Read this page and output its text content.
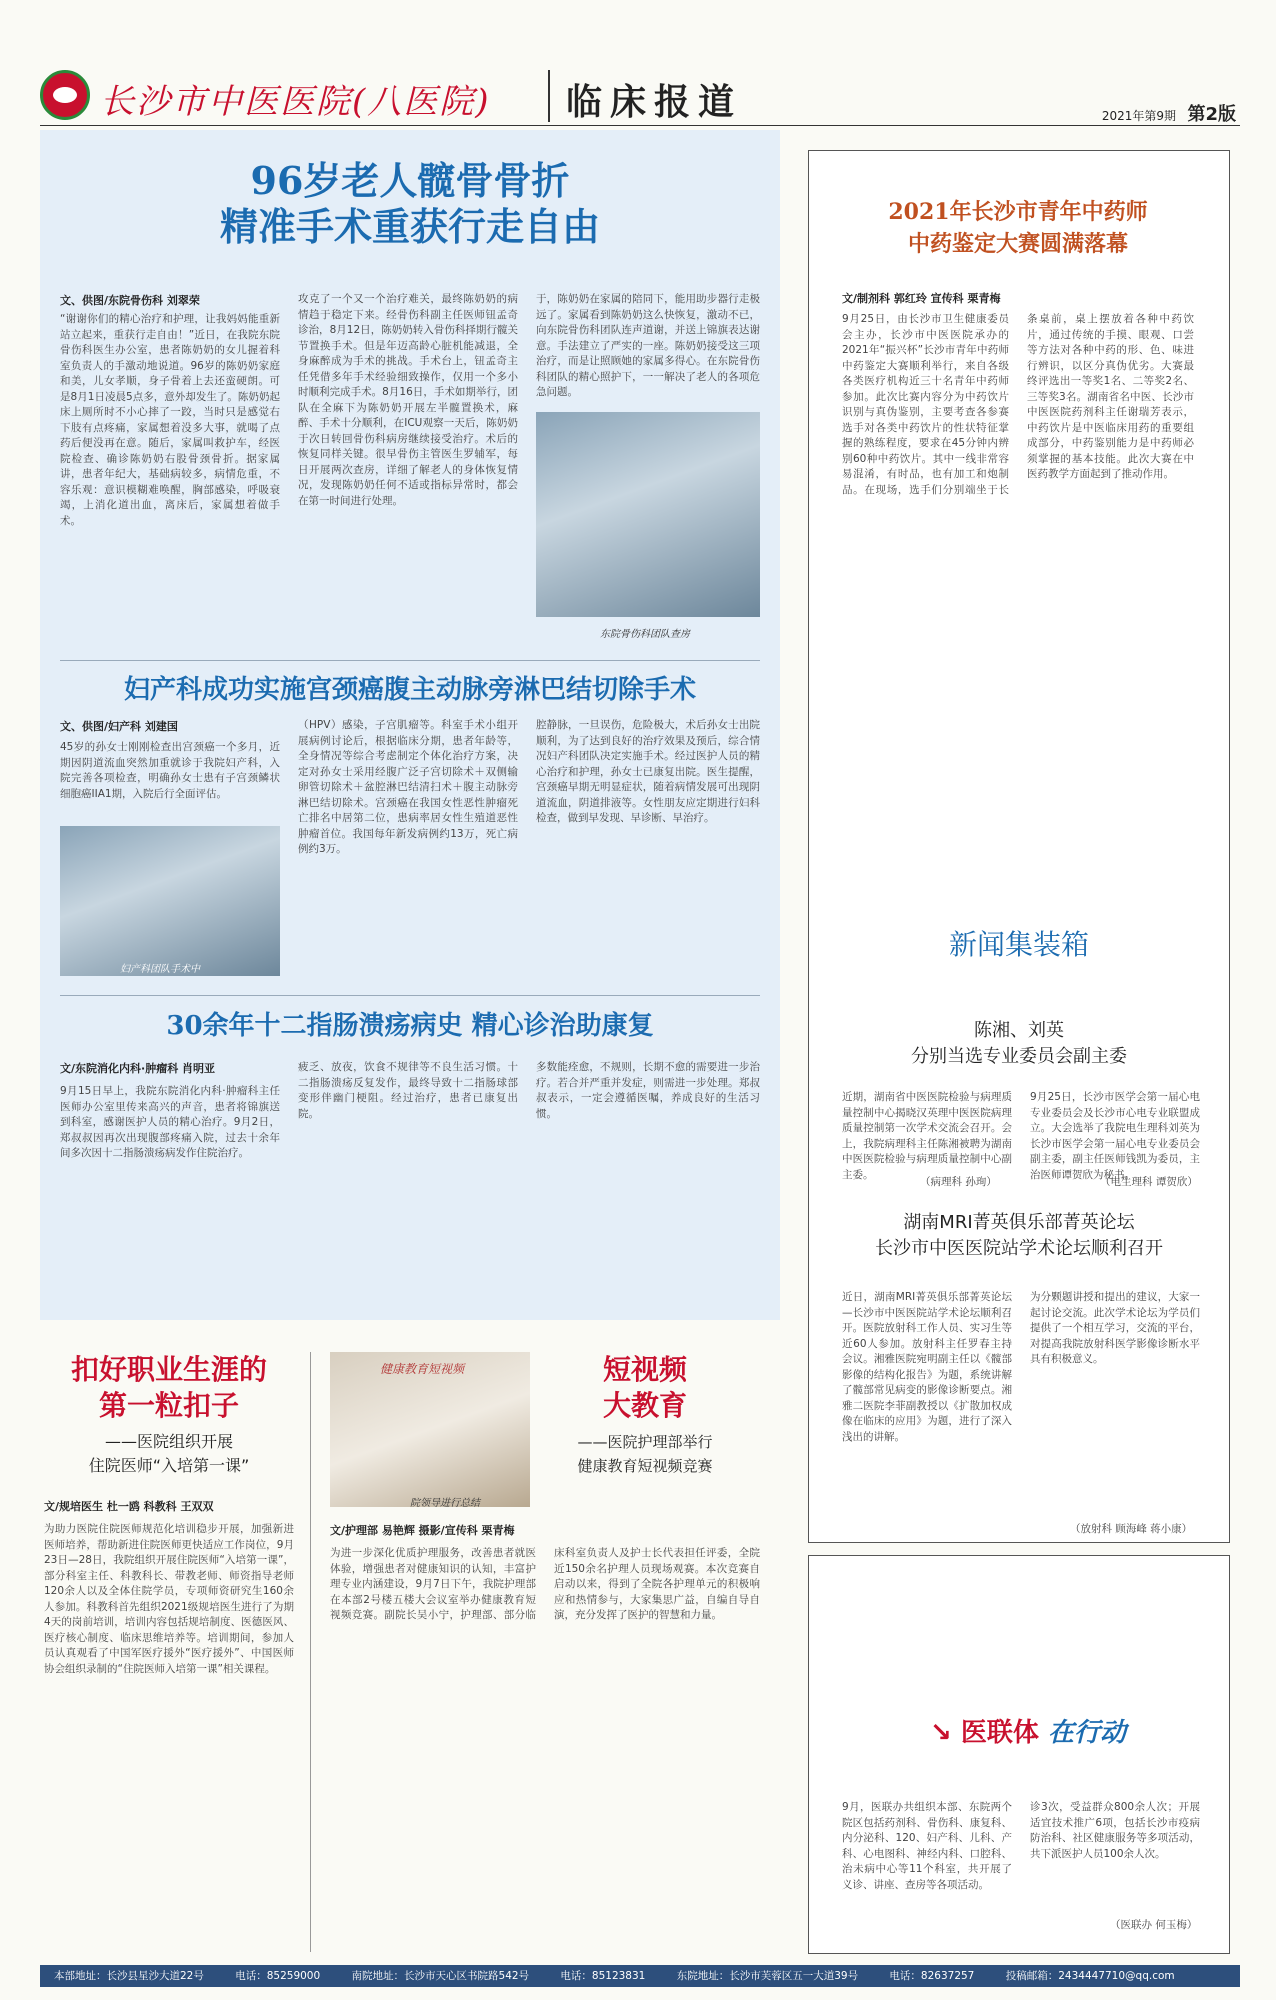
长沙市中医医院(八医院) 临床报道	2021年第9期 第2版
96岁老人髋骨骨折
精准手术重获行走自由
文、供图/东院骨伤科 刘翠荣
“谢谢你们的精心治疗和护理，让我妈妈能重新站立起来，重获行走自由！”近日，在我院东院骨伤科医生办公室，患者陈奶奶的女儿握着科室负责人的手激动地说道。96岁的陈奶奶家庭和美，儿女孝顺，身子骨着上去还蛮硬朗。可是8月1日凌晨5点多，意外却发生了。陈奶奶起床上厕所时不小心摔了一跤，当时只是感觉右下肢有点疼痛，家属想着没多大事，就喝了点药后便没再在意。随后，家属叫救护车，经医院检查、确诊陈奶奶右股骨颈骨折。据家属讲，患者年纪大，基础病较多，病情危重，不容乐观：意识模糊难唤醒，胸部感染，呼吸衰竭，上消化道出血，离床后，家属想着做手术。
攻克了一个又一个治疗难关，最终陈奶奶的病情趋于稳定下来。经骨伤科副主任医师钮孟奇诊治，8月12日，陈奶奶转入骨伤科择期行髋关节置换手术。但是年迈高龄心脏机能减退，全身麻醉成为手术的挑战。手术台上，钮孟奇主任凭借多年手术经验细致操作，仅用一个多小时顺利完成手术。8月16日，手术如期举行，团队在全麻下为陈奶奶开展左半髋置换术，麻醉、手术十分顺利，在ICU观察一天后，陈奶奶于次日转回骨伤科病房继续接受治疗。术后的恢复同样关键。很早骨伤主管医生罗辅军，每日开展两次查房，详细了解老人的身体恢复情况，发现陈奶奶任何不适或指标异常时，都会在第一时间进行处理。
于，陈奶奶在家属的陪同下，能用助步器行走极远了。家属看到陈奶奶这么快恢复，激动不已，向东院骨伤科团队连声道谢，并送上锦旗表达谢意。手法建立了严实的一座。陈奶奶接受这三项治疗，而是让照顾她的家属多得心。在东院骨伤科团队的精心照护下，一一解决了老人的各项危急问题。
东院骨伤科团队查房
妇产科成功实施宫颈癌腹主动脉旁淋巴结切除手术
文、供图/妇产科 刘建国
45岁的孙女士刚刚检查出宫颈癌一个多月，近期因阴道流血突然加重就诊于我院妇产科，入院完善各项检查，明确孙女士患有子宫颈鳞状细胞癌IIA1期，入院后行全面评估。
妇产科团队手术中
（HPV）感染，子宫肌瘤等。科室手术小组开展病例讨论后，根据临床分期，患者年龄等，全身情况等综合考虑制定个体化治疗方案，决定对孙女士采用经腹广泛子宫切除术＋双侧输卵管切除术＋盆腔淋巴结清扫术＋腹主动脉旁淋巴结切除术。宫颈癌在我国女性恶性肿瘤死亡排名中居第二位，患病率居女性生殖道恶性肿瘤首位。我国每年新发病例约13万，死亡病例约3万。
腔静脉，一旦误伤，危险极大，术后孙女士出院顺利，为了达到良好的治疗效果及预后，综合情况妇产科团队决定实施手术。经过医护人员的精心治疗和护理，孙女士已康复出院。医生提醒，宫颈癌早期无明显症状，随着病情发展可出现阴道流血，阴道排液等。女性朋友应定期进行妇科检查，做到早发现、早诊断、早治疗。
30余年十二指肠溃疡病史 精心诊治助康复
文/东院消化内科·肿瘤科 肖明亚
9月15日早上，我院东院消化内科·肿瘤科主任医师办公室里传来高兴的声音，患者将锦旗送到科室，感谢医护人员的精心治疗。9月2日，郑叔叔因再次出现腹部疼痛入院，过去十余年间多次因十二指肠溃疡病发作住院治疗。
疲乏、放夜，饮食不规律等不良生活习惯。十二指肠溃疡反复发作，最终导致十二指肠球部变形伴幽门梗阻。经过治疗，患者已康复出院。
多数能痊愈，不规则，长期不愈的需要进一步治疗。若合并严重并发症，则需进一步处理。郑叔叔表示，一定会遵循医嘱，养成良好的生活习惯。
扣好职业生涯的
第一粒扣子
——医院组织开展
住院医师“入培第一课”
文/规培医生 杜一鸥 科教科 王双双
为助力医院住院医师规范化培训稳步开展，加强新进医师培养，帮助新进住院医师更快适应工作岗位，9月23日—28日，我院组织开展住院医师“入培第一课”，部分科室主任、科教科长、带教老师、师资指导老师120余人以及全体住院学员，专项师资研究生160余人参加。科教科首先组织2021级规培医生进行了为期4天的岗前培训，培训内容包括规培制度、医德医风、医疗核心制度、临床思维培养等。培训期间，参加人员认真观看了中国军医疗援外“医疗援外”、中国医师协会组织录制的“住院医师入培第一课”相关课程。
健康教育短视频
院领导进行总结
短视频
大教育
——医院护理部举行
健康教育短视频竞赛
文/护理部 易艳辉 摄影/宣传科 栗青梅
为进一步深化优质护理服务，改善患者就医体验，增强患者对健康知识的认知，丰富护理专业内涵建设，9月7日下午，我院护理部在本部2号楼五楼大会议室举办健康教育短视频竞赛。副院长吴小宁，护理部、部分临床科室负责人及护士长代表担任评委，全院近150余名护理人员现场观赛。本次竞赛自启动以来，得到了全院各护理单元的积极响应和热情参与，大家集思广益，自编自导自演，充分发挥了医护的智慧和力量。
2021年长沙市青年中药师
中药鉴定大赛圆满落幕
文/制剂科 郭红玲 宣传科 栗青梅
9月25日，由长沙市卫生健康委员会主办，长沙市中医医院承办的2021年“振兴杯”长沙市青年中药师中药鉴定大赛顺利举行，来自各级各类医疗机构近三十名青年中药师参加。此次比赛内容分为中药饮片识别与真伪鉴别，主要考查各参赛选手对各类中药饮片的性状特征掌握的熟练程度，要求在45分钟内辨别60种中药饮片。其中一线非常容易混淆，有时品，也有加工和炮制品。在现场，选手们分别端坐于长条桌前，桌上摆放着各种中药饮片，通过传统的手摸、眼观、口尝等方法对各种中药的形、色、味进行辨识，以区分真伪优劣。大赛最终评选出一等奖1名、二等奖2名、三等奖3名。湖南省名中医、长沙市中医医院药剂科主任谢瑞芳表示，中药饮片是中医临床用药的重要组成部分，中药鉴别能力是中药师必须掌握的基本技能。此次大赛在中医药教学方面起到了推动作用。
新闻集装箱
陈湘、刘英
分别当选专业委员会副主委
近期，湖南省中医医院检验与病理质量控制中心揭晓汉英理中医医院病理质量控制第一次学术交流会召开。会上，我院病理科主任陈湘被聘为湖南中医医院检验与病理质量控制中心副主委。
（病理科 孙珣）
9月25日，长沙市医学会第一届心电专业委员会及长沙市心电专业联盟成立。大会选举了我院电生理科刘英为长沙市医学会第一届心电专业委员会副主委，副主任医师钱凯为委员，主治医师谭贺欣为秘书。
（电生理科 谭贺欣）
湖南MRI菁英俱乐部菁英论坛
长沙市中医医院站学术论坛顺利召开
近日，湖南MRI菁英俱乐部菁英论坛—长沙市中医医院站学术论坛顺利召开。医院放射科工作人员、实习生等近60人参加。放射科主任罗春主持会议。湘雅医院宛明副主任以《髋部影像的结构化报告》为题，系统讲解了髋部常见病变的影像诊断要点。湘雅二医院李菲副教授以《扩散加权成像在临床的应用》为题，进行了深入浅出的讲解。
为分颗题讲授和提出的建议，大家一起讨论交流。此次学术论坛为学员们提供了一个相互学习，交流的平台，对提高我院放射科医学影像诊断水平具有积极意义。
（放射科 顾海峰 蒋小康）
↘ 医联体 在行动
9月，医联办共组织本部、东院两个院区包括药剂科、骨伤科、康复科、内分泌科、120、妇产科、儿科、产科、心电图科、神经内科、口腔科、治未病中心等11个科室，共开展了义诊、讲座、查房等各项活动。
诊3次，受益群众800余人次；开展适宜技术推广6项，包括长沙市疫病防治科、社区健康服务等多项活动，共下派医护人员100余人次。
（医联办 何玉梅）
本部地址：长沙县星沙大道22号	电话：85259000	南院地址：长沙市天心区书院路542号	电话：85123831	东院地址：长沙市芙蓉区五一大道39号	电话：82637257	投稿邮箱：2434447710@qq.com
